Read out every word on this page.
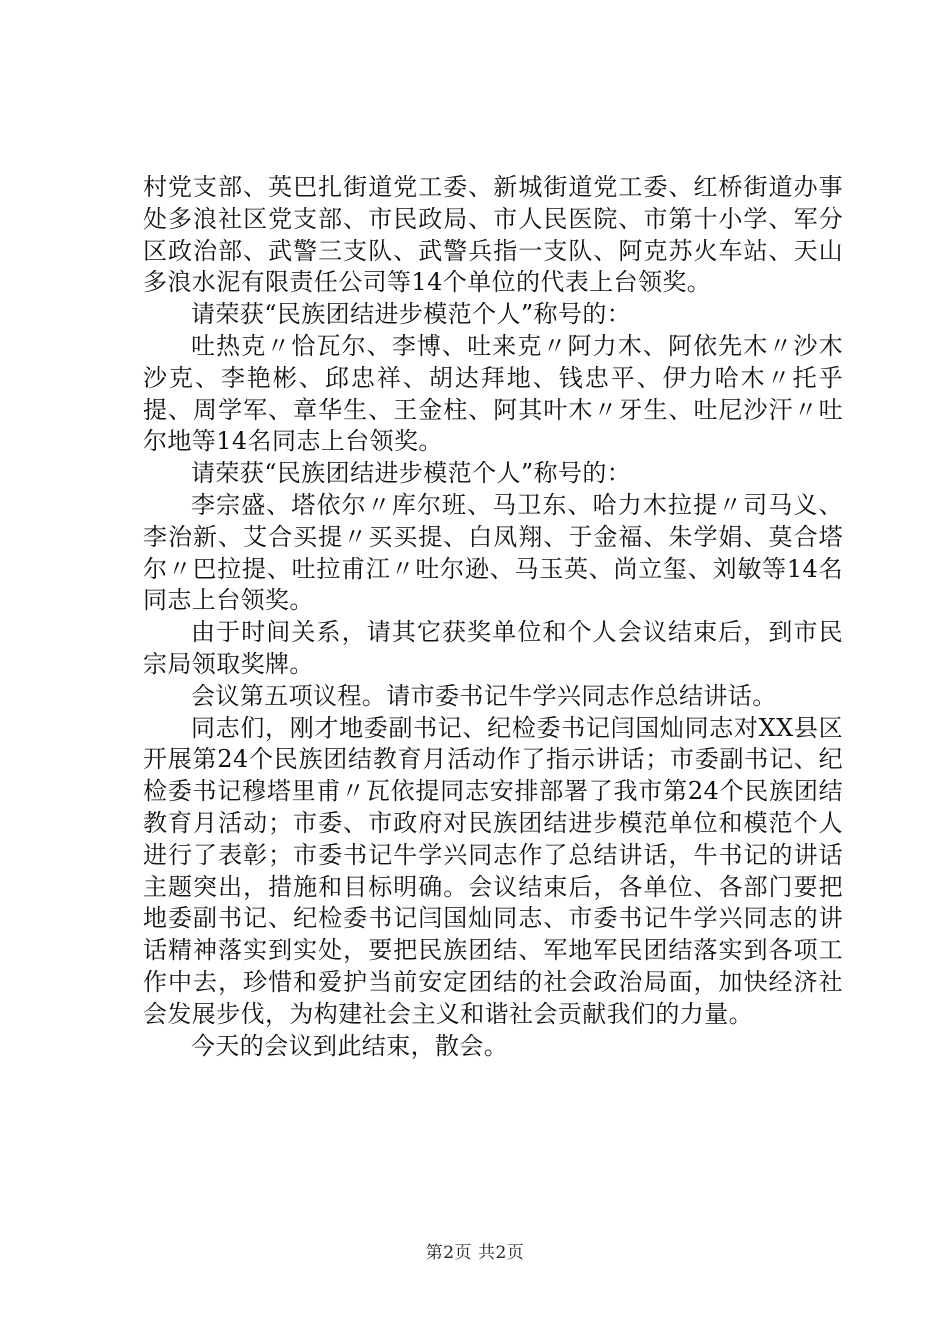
村党支部、英巴扎街道党工委、新城街道党工委、红桥街道办事处多浪社区党支部、市民政局、市人民医院、市第十小学、军分区政治部、武警三支队、武警兵指一支队、阿克苏火车站、天山多浪水泥有限责任公司等14个单位的代表上台领奖。

请荣获“民族团结进步模范个人”称号的：

吐热克〃恰瓦尔、李博、吐来克〃阿力木、阿依先木〃沙木沙克、李艳彬、邱忠祥、胡达拜地、钱忠平、伊力哈木〃托乎提、周学军、章华生、王金柱、阿其叶木〃牙生、吐尼沙汗〃吐尔地等14名同志上台领奖。

请荣获“民族团结进步模范个人”称号的：

李宗盛、塔依尔〃库尔班、马卫东、哈力木拉提〃司马义、李治新、艾合买提〃买买提、白凤翔、于金福、朱学娟、莫合塔尔〃巴拉提、吐拉甫江〃吐尔逊、马玉英、尚立玺、刘敏等14名同志上台领奖。

由于时间关系，请其它获奖单位和个人会议结束后，到市民宗局领取奖牌。

会议第五项议程。请市委书记牛学兴同志作总结讲话。

同志们，刚才地委副书记、纪检委书记闫国灿同志对XX县区开展第24个民族团结教育月活动作了指示讲话；市委副书记、纪检委书记穆塔里甫〃瓦依提同志安排部署了我市第24个民族团结教育月活动；市委、市政府对民族团结进步模范单位和模范个人进行了表彰；市委书记牛学兴同志作了总结讲话，牛书记的讲话主题突出，措施和目标明确。会议结束后，各单位、各部门要把地委副书记、纪检委书记闫国灿同志、市委书记牛学兴同志的讲话精神落实到实处，要把民族团结、军地军民团结落实到各项工作中去，珍惜和爱护当前安定团结的社会政治局面，加快经济社会发展步伐，为构建社会主义和谐社会贡献我们的力量。

今天的会议到此结束，散会。

第2页 共2页
